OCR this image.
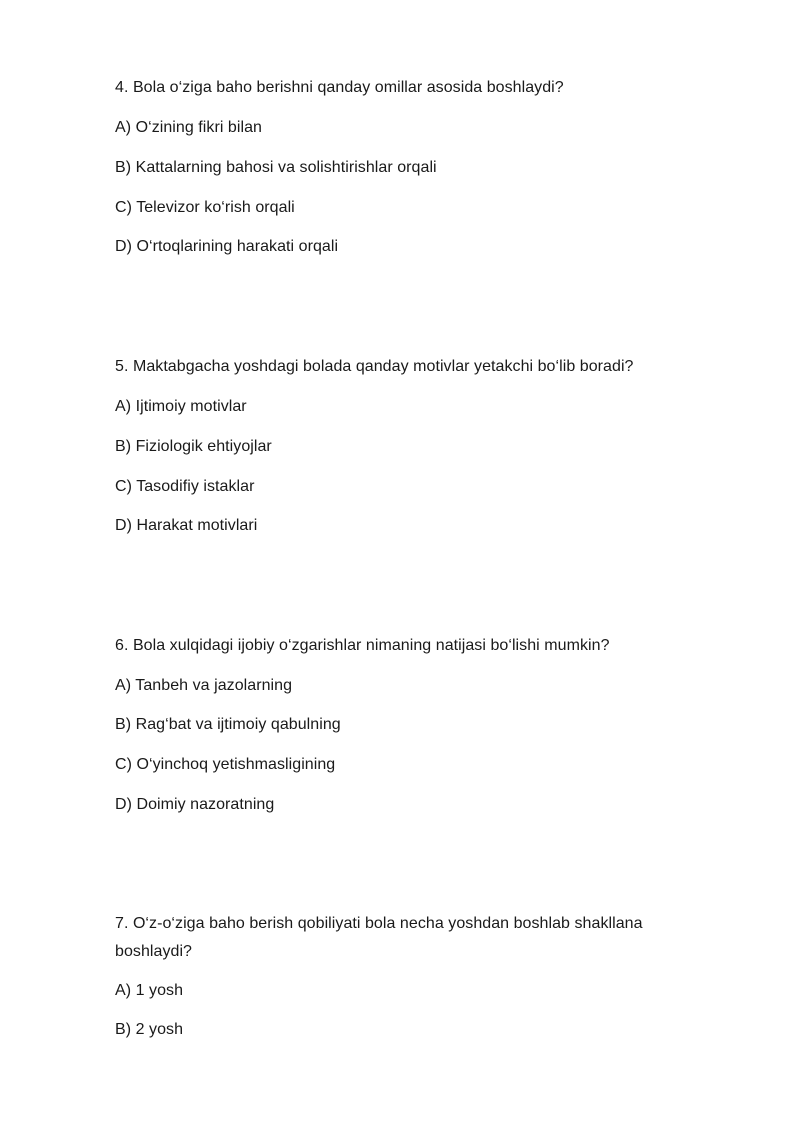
4. Bola o‘ziga baho berishni qanday omillar asosida boshlaydi?

A) O‘zining fikri bilan

B) Kattalarning bahosi va solishtirishlar orqali

C) Televizor ko‘rish orqali

D) O‘rtoqlarining harakati orqali

5. Maktabgacha yoshdagi bolada qanday motivlar yetakchi bo‘lib boradi?

A) Ijtimoiy motivlar

B) Fiziologik ehtiyojlar

C) Tasodifiy istaklar

D) Harakat motivlari

6. Bola xulqidagi ijobiy o‘zgarishlar nimaning natijasi bo‘lishi mumkin?

A) Tanbeh va jazolarning

B) Rag‘bat va ijtimoiy qabulning

C) O‘yinchoq yetishmasligining

D) Doimiy nazoratning

7. O‘z-o‘ziga baho berish qobiliyati bola necha yoshdan boshlab shakllana boshlaydi?

A) 1 yosh

B) 2 yosh
